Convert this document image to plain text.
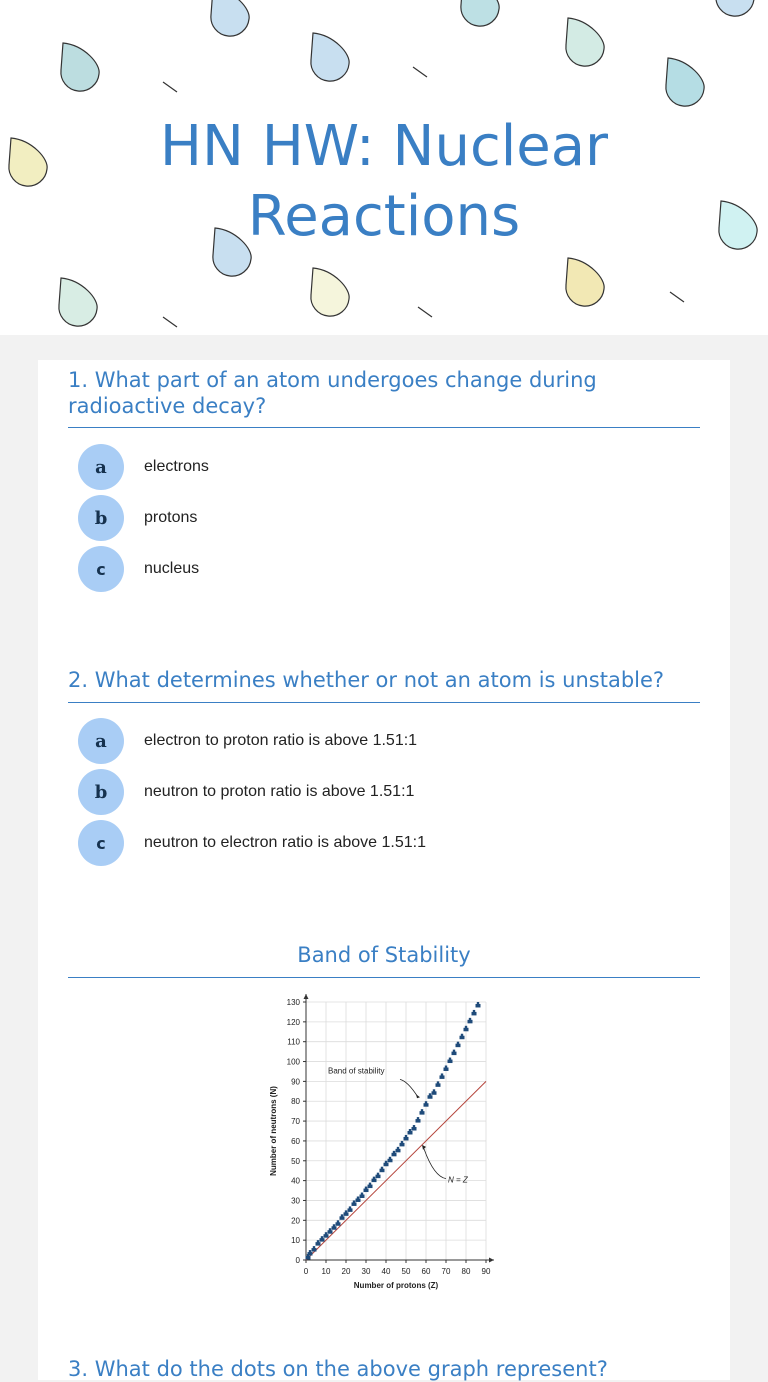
HN HW: Nuclear
Reactions
1. What part of an atom undergoes change during radioactive decay?
a	electrons
b	protons
c	nucleus
2. What determines whether or not an atom is unstable?
a	electron to proton ratio is above 1.51:1
b	neutron to proton ratio is above 1.51:1
c	neutron to electron ratio is above 1.51:1
Band of Stability
3. What do the dots on the above graph represent?
0 10 20 30 40 50 60 70 80 90
0
10
20
30
40
50
60
70
80
90
100
110
120
130
Number of protons (Z)
Number of neutrons (N)
Band of stability
N = Z
